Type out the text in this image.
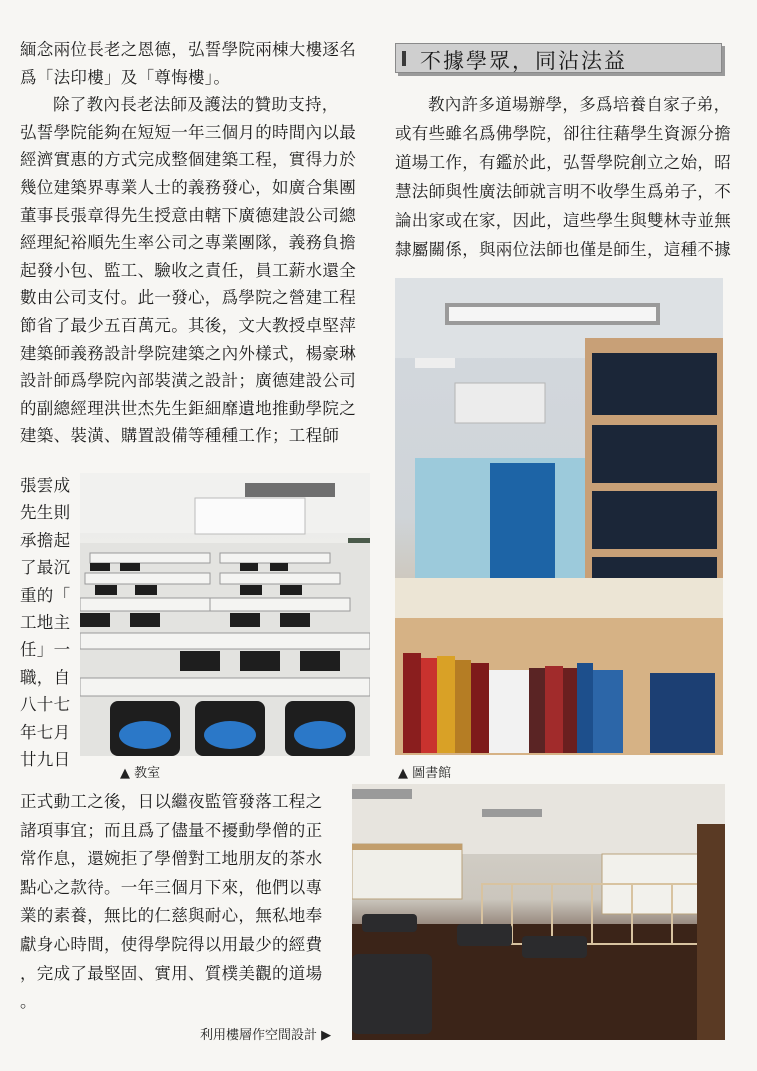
緬念兩位長老之恩德，弘誓學院兩棟大樓逐名
爲「法印樓」及「尊悔樓」。
除了教內長老法師及護法的贊助支持，
弘誓學院能夠在短短一年三個月的時間內以最
經濟實惠的方式完成整個建築工程，實得力於
幾位建築界專業人士的義務發心，如廣合集團
董事長張章得先生授意由轄下廣德建設公司總
經理紀裕順先生率公司之專業團隊，義務負擔
起發小包、監工、驗收之責任，員工薪水還全
數由公司支付。此一發心，爲學院之營建工程
節省了最少五百萬元。其後，文大教授卓堅萍
建築師義務設計學院建築之內外樣式，楊豪琳
設計師爲學院內部裝潢之設計；廣德建設公司
的副總經理洪世杰先生鉅細靡遺地推動學院之
建築、裝潢、購置設備等種種工作；工程師
張雲成
先生則
承擔起
了最沉
重的「
工地主
任」一
職，自
八十七
年七月
廿九日
▲ 教室
正式動工之後，日以繼夜監管發落工程之
諸項事宜；而且爲了儘量不擾動學僧的正
常作息，還婉拒了學僧對工地朋友的茶水
點心之款待。一年三個月下來，他們以專
業的素養，無比的仁慈與耐心，無私地奉
獻身心時間，使得學院得以用最少的經費
，完成了最堅固、實用、質樸美觀的道場
。
不據學眾，同沾法益
教內許多道場辦學，多爲培養自家子弟，
或有些雖名爲佛學院，卻往往藉學生資源分擔
道場工作，有鑑於此，弘誓學院創立之始，昭
慧法師與性廣法師就言明不收學生爲弟子，不
論出家或在家，因此，這些學生與雙林寺並無
隸屬關係，與兩位法師也僅是師生，這種不據
▲ 圖書館
利用樓層作空間設計 ▶
